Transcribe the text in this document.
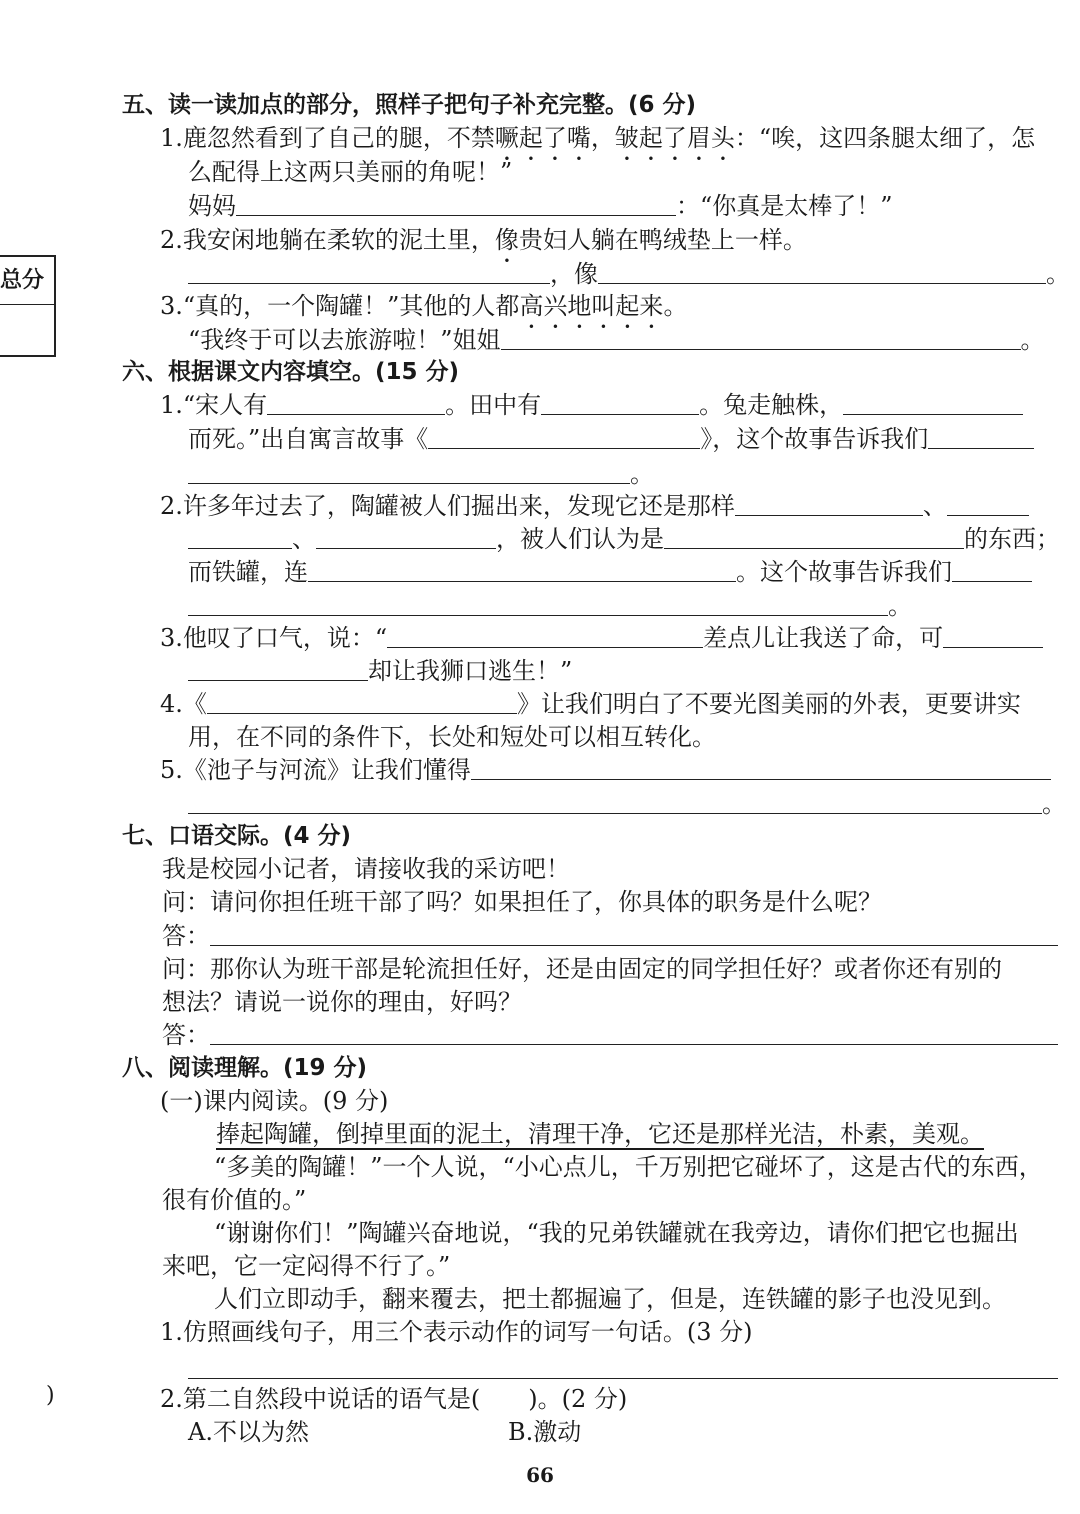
总分
)
五、读一读加点的部分，照样子把句子补充完整。(6 分)
1.鹿忽然看到了自己的腿，不禁噘起了嘴，皱起了眉头：“唉，这四条腿太细了，怎
么配得上这两只美丽的角呢！”
妈妈	：“你真是太棒了！”
2.我安闲地躺在柔软的泥土里，像贵妇人躺在鸭绒垫上一样。
，像	。
3.“真的，一个陶罐！”其他的人都高兴地叫起来。
“我终于可以去旅游啦！”姐姐	。
六、根据课文内容填空。(15 分)
1.“宋人有	。田中有	。兔走触株，
而死。”出自寓言故事《	》，这个故事告诉我们
。
2.许多年过去了，陶罐被人们掘出来，发现它还是那样	、
、	，被人们认为是	的东西；
而铁罐，连	。这个故事告诉我们
。
3.他叹了口气，说：“	差点儿让我送了命，可
却让我狮口逃生！”
4.《	》让我们明白了不要光图美丽的外表，更要讲实
用，在不同的条件下，长处和短处可以相互转化。
5.《池子与河流》让我们懂得
。
七、口语交际。(4 分)
我是校园小记者，请接收我的采访吧！
问：请问你担任班干部了吗？如果担任了，你具体的职务是什么呢？
答：
问：那你认为班干部是轮流担任好，还是由固定的同学担任好？或者你还有别的
想法？请说一说你的理由，好吗？
答：
八、阅读理解。(19 分)
(一)课内阅读。(9 分)
捧起陶罐，倒掉里面的泥土，清理干净，它还是那样光洁，朴素，美观。
“多美的陶罐！”一个人说，“小心点儿，千万别把它碰坏了，这是古代的东西，
很有价值的。”
“谢谢你们！”陶罐兴奋地说，“我的兄弟铁罐就在我旁边，请你们把它也掘出
来吧，它一定闷得不行了。”
人们立即动手，翻来覆去，把土都掘遍了，但是，连铁罐的影子也没见到。
1.仿照画线句子，用三个表示动作的词写一句话。(3 分)
2.第二自然段中说话的语气是(　　)。(2 分)
A.不以为然	B.激动
66
